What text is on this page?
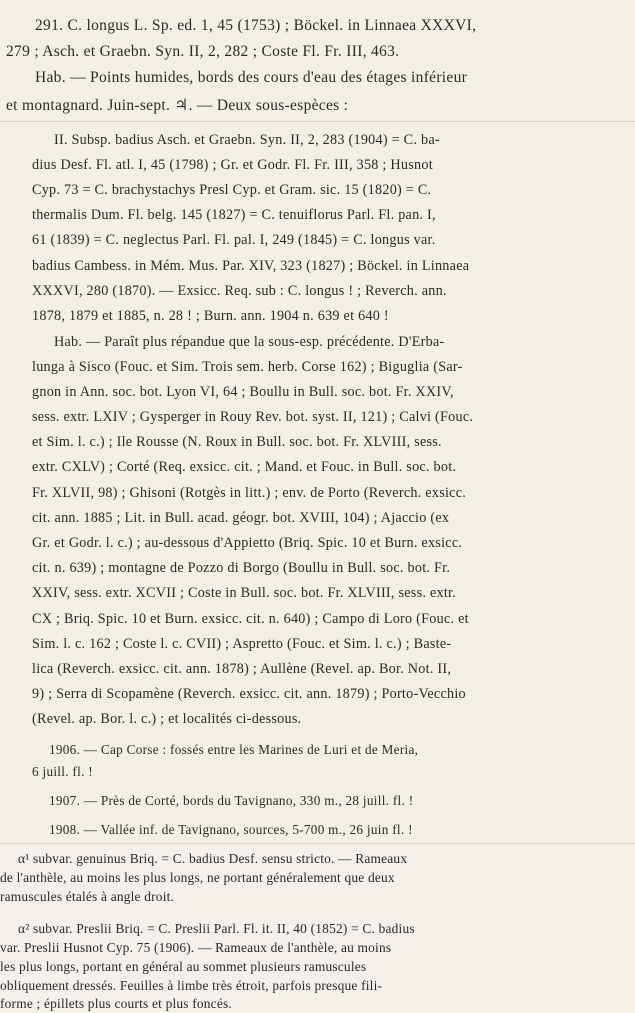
291. C. longus L. Sp. ed. 1, 45 (1753) ; Böckel. in Linnaea XXXVI,
279 ; Asch. et Graebn. Syn. II, 2, 282 ; Coste Fl. Fr. III, 463.
Hab. — Points humides, bords des cours d'eau des étages inférieur
et montagnard. Juin-sept. ♃. — Deux sous-espèces :
II. Subsp. badius Asch. et Graebn. Syn. II, 2, 283 (1904) = C. ba-
dius Desf. Fl. atl. I, 45 (1798) ; Gr. et Godr. Fl. Fr. III, 358 ; Husnot
Cyp. 73 = C. brachystachys Presl Cyp. et Gram. sic. 15 (1820) = C.
thermalis Dum. Fl. belg. 145 (1827) = C. tenuiflorus Parl. Fl. pan. I,
61 (1839) = C. neglectus Parl. Fl. pal. I, 249 (1845) = C. longus var.
badius Cambess. in Mém. Mus. Par. XIV, 323 (1827) ; Böckel. in Linnaea
XXXVI, 280 (1870). — Exsicc. Req. sub : C. longus ! ; Reverch. ann.
1878, 1879 et 1885, n. 28 ! ; Burn. ann. 1904 n. 639 et 640 !
Hab. — Paraît plus répandue que la sous-esp. précédente. D'Erba-
lunga à Sisco (Fouc. et Sim. Trois sem. herb. Corse 162) ; Biguglia (Sar-
gnon in Ann. soc. bot. Lyon VI, 64 ; Boullu in Bull. soc. bot. Fr. XXIV,
sess. extr. LXIV ; Gysperger in Rouy Rev. bot. syst. II, 121) ; Calvi (Fouc.
et Sim. l. c.) ; Ile Rousse (N. Roux in Bull. soc. bot. Fr. XLVIII, sess.
extr. CXLV) ; Corté (Req. exsicc. cit. ; Mand. et Fouc. in Bull. soc. bot.
Fr. XLVII, 98) ; Ghisoni (Rotgès in litt.) ; env. de Porto (Reverch. exsicc.
cit. ann. 1885 ; Lit. in Bull. acad. géogr. bot. XVIII, 104) ; Ajaccio (ex
Gr. et Godr. l. c.) ; au-dessous d'Appietto (Briq. Spic. 10 et Burn. exsicc.
cit. n. 639) ; montagne de Pozzo di Borgo (Boullu in Bull. soc. bot. Fr.
XXIV, sess. extr. XCVII ; Coste in Bull. soc. bot. Fr. XLVIII, sess. extr.
CX ; Briq. Spic. 10 et Burn. exsicc. cit. n. 640) ; Campo di Loro (Fouc. et
Sim. l. c. 162 ; Coste l. c. CVII) ; Aspretto (Fouc. et Sim. l. c.) ; Baste-
lica (Reverch. exsicc. cit. ann. 1878) ; Aullène (Revel. ap. Bor. Not. II,
9) ; Serra di Scopamène (Reverch. exsicc. cit. ann. 1879) ; Porto-Vecchio
(Revel. ap. Bor. l. c.) ; et localités ci-dessous.
1906. — Cap Corse : fossés entre les Marines de Luri et de Meria,
6 juill. fl. !
1907. — Près de Corté, bords du Tavignano, 330 m., 28 juill. fl. !
1908. — Vallée inf. de Tavignano, sources, 5-700 m., 26 juin fl. !
α¹ subvar. genuinus Briq. = C. badius Desf. sensu stricto. — Rameaux
de l'anthèle, au moins les plus longs, ne portant généralement que deux
ramuscules étalés à angle droit.
α² subvar. Preslii Briq. = C. Preslii Parl. Fl. it. II, 40 (1852) = C. badius
var. Preslii Husnot Cyp. 75 (1906). — Rameaux de l'anthèle, au moins
les plus longs, portant en général au sommet plusieurs ramuscules
obliquement dressés. Feuilles à limbe très étroit, parfois presque fili-
forme ; épillets plus courts et plus foncés.
